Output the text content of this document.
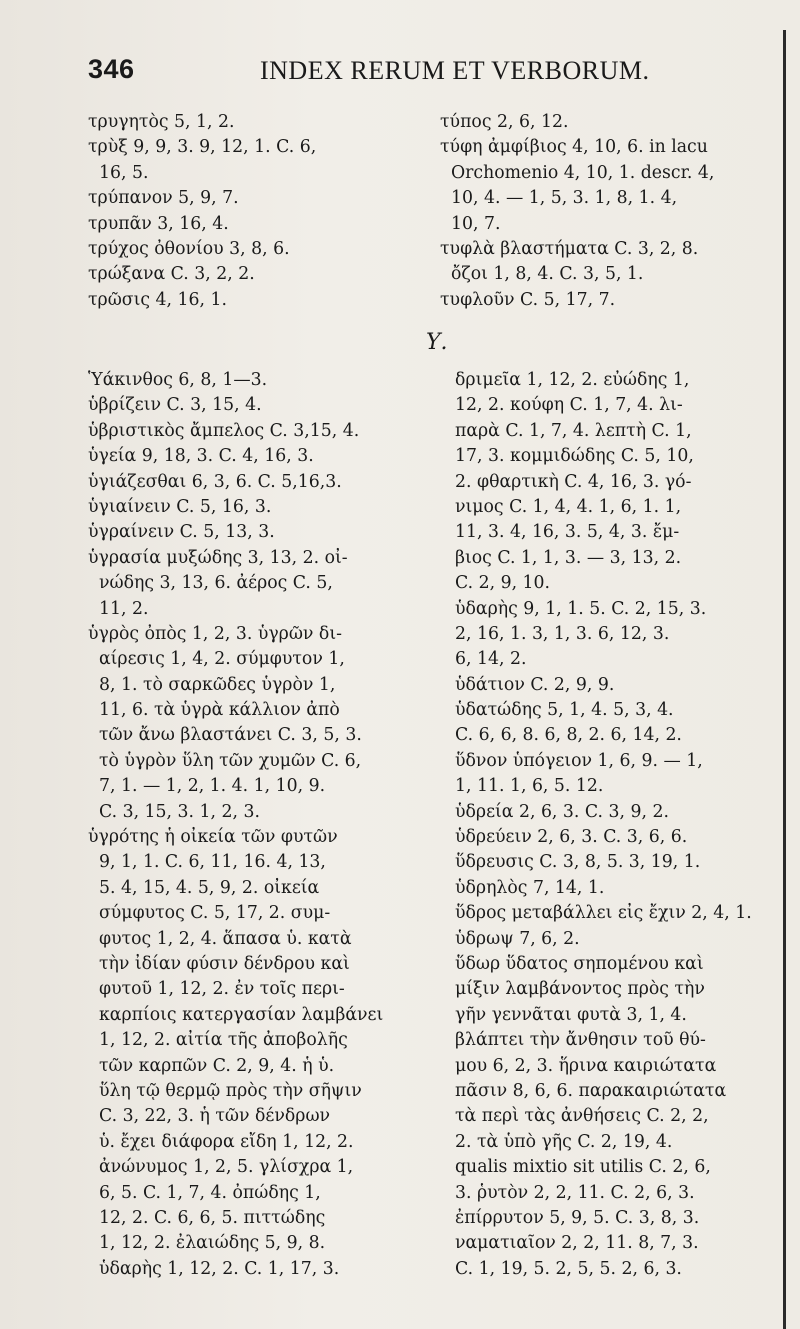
346	INDEX RERUM ET VERBORUM.
τρυγητὸς 5, 1, 2.
τρὺξ 9, 9, 3. 9, 12, 1. C. 6,
16, 5.
τρύπανον 5, 9, 7.
τρυπᾶν 3, 16, 4.
τρύχος ὀθονίου 3, 8, 6.
τρώξανα C. 3, 2, 2.
τρῶσις 4, 16, 1.
τύπος 2, 6, 12.
τύφη ἀμφίβιος 4, 10, 6. in lacu
Orchomenio 4, 10, 1. descr. 4,
10, 4. — 1, 5, 3. 1, 8, 1. 4,
10, 7.
τυφλὰ βλαστήματα C. 3, 2, 8.
ὄζοι 1, 8, 4. C. 3, 5, 1.
τυφλοῦν C. 5, 17, 7.
Υ.
Ὑάκινθος 6, 8, 1—3.
ὑβρίζειν C. 3, 15, 4.
ὑβριστικὸς ἄμπελος C. 3,15, 4.
ὑγεία 9, 18, 3. C. 4, 16, 3.
ὑγιάζεσθαι 6, 3, 6. C. 5,16,3.
ὑγιαίνειν C. 5, 16, 3.
ὑγραίνειν C. 5, 13, 3.
ὑγρασία μυξώδης 3, 13, 2. οἰ-
νώδης 3, 13, 6. ἀέρος C. 5,
11, 2.
ὑγρὸς ὀπὸς 1, 2, 3. ὑγρῶν δι-
αίρεσις 1, 4, 2. σύμφυτον 1,
8, 1. τὸ σαρκῶδες ὑγρὸν 1,
11, 6. τὰ ὑγρὰ κάλλιον ἀπὸ
τῶν ἄνω βλαστάνει C. 3, 5, 3.
τὸ ὑγρὸν ὕλη τῶν χυμῶν C. 6,
7, 1. — 1, 2, 1. 4. 1, 10, 9.
C. 3, 15, 3. 1, 2, 3.
ὑγρότης ἡ οἰκεία τῶν φυτῶν
9, 1, 1. C. 6, 11, 16. 4, 13,
5. 4, 15, 4. 5, 9, 2. οἰκεία
σύμφυτος C. 5, 17, 2. συμ-
φυτος 1, 2, 4. ἅπασα ὑ. κατὰ
τὴν ἰδίαν φύσιν δένδρου καὶ
φυτοῦ 1, 12, 2. ἐν τοῖς περι-
καρπίοις κατεργασίαν λαμβάνει
1, 12, 2. αἰτία τῆς ἀποβολῆς
τῶν καρπῶν C. 2, 9, 4. ἡ ὑ.
ὕλη τῷ θερμῷ πρὸς τὴν σῆψιν
C. 3, 22, 3. ἡ τῶν δένδρων
ὑ. ἔχει διάφορα εἴδη 1, 12, 2.
ἀνώνυμος 1, 2, 5. γλίσχρα 1,
6, 5. C. 1, 7, 4. ὀπώδης 1,
12, 2. C. 6, 6, 5. πιττώδης
1, 12, 2. ἐλαιώδης 5, 9, 8.
ὑδαρὴς 1, 12, 2. C. 1, 17, 3.
δριμεῖα 1, 12, 2. εὐώδης 1,
12, 2. κούφη C. 1, 7, 4. λι-
παρὰ C. 1, 7, 4. λεπτὴ C. 1,
17, 3. κομμιδώδης C. 5, 10,
2. φθαρτικὴ C. 4, 16, 3. γό-
νιμος C. 1, 4, 4. 1, 6, 1. 1,
11, 3. 4, 16, 3. 5, 4, 3. ἔμ-
βιος C. 1, 1, 3. — 3, 13, 2.
C. 2, 9, 10.
ὑδαρὴς 9, 1, 1. 5. C. 2, 15, 3.
2, 16, 1. 3, 1, 3. 6, 12, 3.
6, 14, 2.
ὑδάτιον C. 2, 9, 9.
ὑδατώδης 5, 1, 4. 5, 3, 4.
C. 6, 6, 8. 6, 8, 2. 6, 14, 2.
ὕδνον ὑπόγειον 1, 6, 9. — 1,
1, 11. 1, 6, 5. 12.
ὑδρεία 2, 6, 3. C. 3, 9, 2.
ὑδρεύειν 2, 6, 3. C. 3, 6, 6.
ὕδρευσις C. 3, 8, 5. 3, 19, 1.
ὑδρηλὸς 7, 14, 1.
ὕδρος μεταβάλλει εἰς ἔχιν 2, 4, 1.
ὑδρωψ 7, 6, 2.
ὕδωρ ὕδατος σηπομένου καὶ
μίξιν λαμβάνοντος πρὸς τὴν
γῆν γεννᾶται φυτὰ 3, 1, 4.
βλάπτει τὴν ἄνθησιν τοῦ θύ-
μου 6, 2, 3. ἥρινα καιριώτατα
πᾶσιν 8, 6, 6. παρακαιριώτατα
τὰ περὶ τὰς ἀνθήσεις C. 2, 2,
2. τὰ ὑπὸ γῆς C. 2, 19, 4.
qualis mixtio sit utilis C. 2, 6,
3. ῥυτὸν 2, 2, 11. C. 2, 6, 3.
ἐπίρρυτον 5, 9, 5. C. 3, 8, 3.
ναματιαῖον 2, 2, 11. 8, 7, 3.
C. 1, 19, 5. 2, 5, 5. 2, 6, 3.
